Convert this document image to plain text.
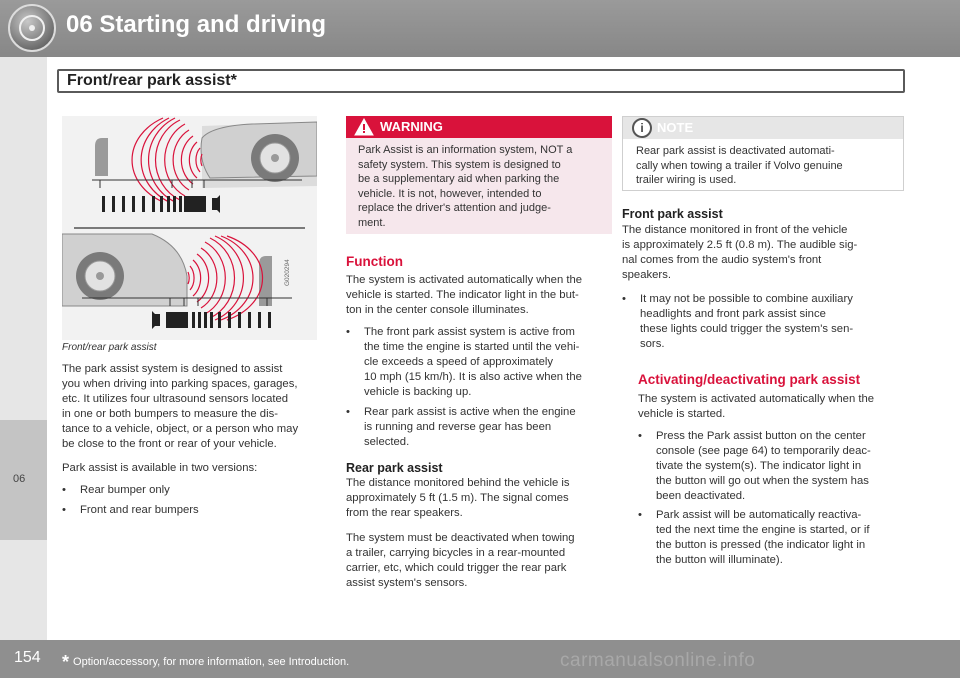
06 Starting and driving
Front/rear park assist*
06
G020294
Front/rear park assist

The park assist system is designed to assist

you when driving into parking spaces, garages,

etc. It utilizes four ultrasound sensors located

in one or both bumpers to measure the dis-

tance to a vehicle, object, or a person who may

be close to the front or rear of your vehicle.

Park assist is available in two versions:
• Rear bumper only
• Front and rear bumpers
WARNING

Park Assist is an information system, NOT a

safety system. This system is designed to

be a supplementary aid when parking the

vehicle. It is not, however, intended to

replace the driver's attention and judge-

ment.

Function

The system is activated automatically when the

vehicle is started. The indicator light in the but-

ton in the center console illuminates.

• The front park assist system is active from

the time the engine is started until the vehi-

cle exceeds a speed of approximately

10 mph (15 km/h). It is also active when the

vehicle is backing up.

• Rear park assist is active when the engine

is running and reverse gear has been

selected.

Rear park assist

The distance monitored behind the vehicle is

approximately 5 ft (1.5 m). The signal comes

from the rear speakers.

The system must be deactivated when towing

a trailer, carrying bicycles in a rear-mounted

carrier, etc, which could trigger the rear park

assist system's sensors.

i	NOTE

Rear park assist is deactivated automati-

cally when towing a trailer if Volvo genuine

trailer wiring is used.

Front park assist

The distance monitored in front of the vehicle

is approximately 2.5 ft (0.8 m). The audible sig-

nal comes from the audio system's front

speakers.

• It may not be possible to combine auxiliary

headlights and front park assist since

these lights could trigger the system's sen-

sors.

Activating/deactivating park assist

The system is activated automatically when the

vehicle is started.

• Press the Park assist button on the center

console (see page 64) to temporarily deac-

tivate the system(s). The indicator light in

the button will go out when the system has

been deactivated.

• Park assist will be automatically reactiva-

ted the next time the engine is started, or if

the button is pressed (the indicator light in

the button will illuminate).

154 * Option/accessory, for more information, see Introduction.	carmanualsonline.info
